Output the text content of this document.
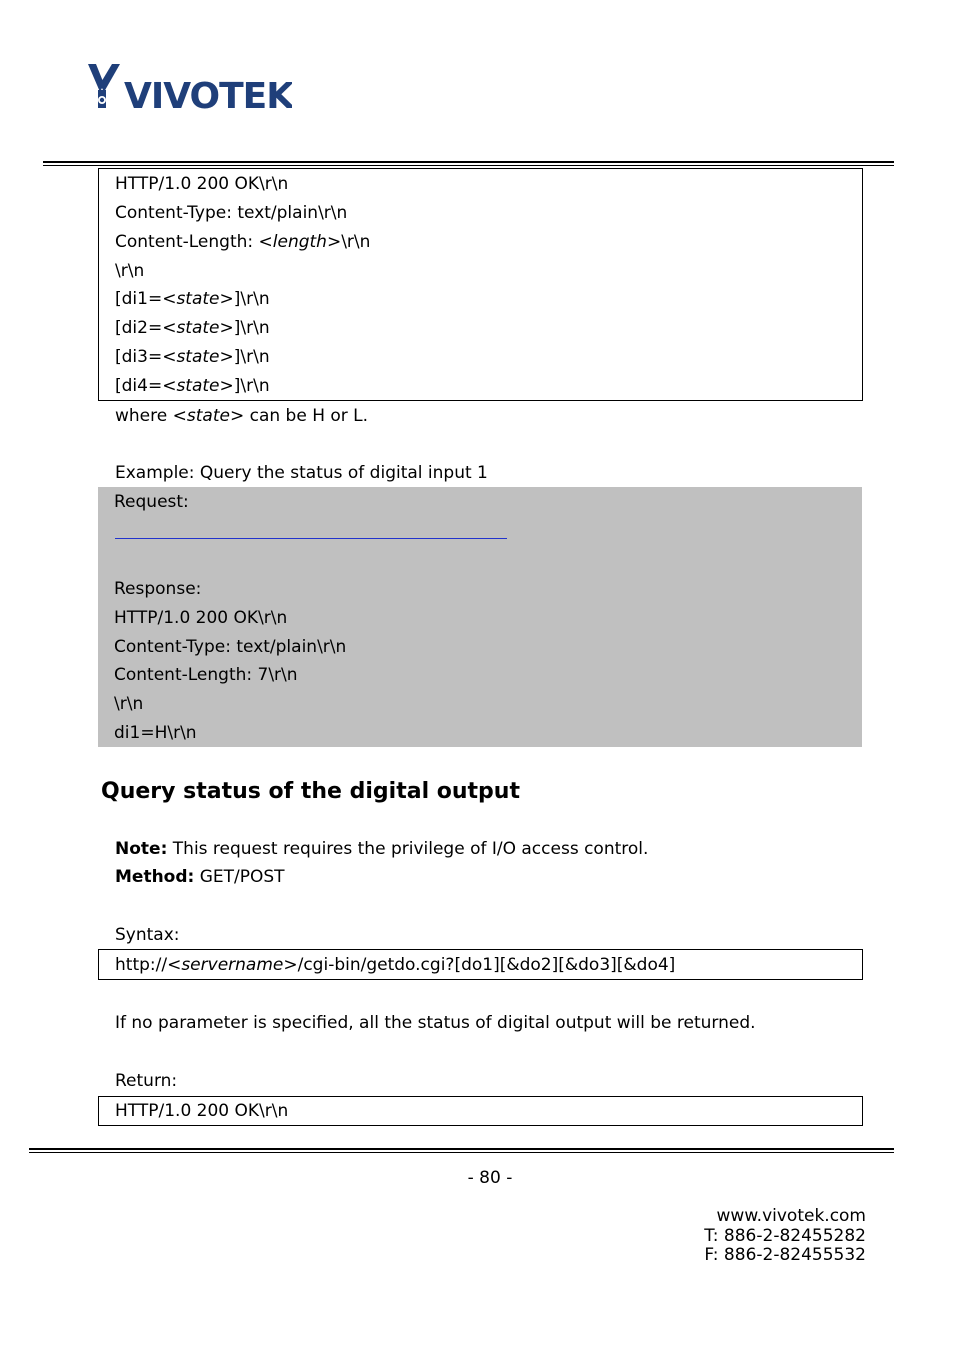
VIVOTEK
HTTP/1.0 200 OK\r\n
Content-Type: text/plain\r\n
Content-Length: <length>\r\n
\r\n
[di1=<state>]\r\n
[di2=<state>]\r\n
[di3=<state>]\r\n
[di4=<state>]\r\n
where <state> can be H or L.
Example: Query the status of digital input 1
Request:
Response:
HTTP/1.0 200 OK\r\n
Content-Type: text/plain\r\n
Content-Length: 7\r\n
\r\n
di1=H\r\n
Query status of the digital output
Note: This request requires the privilege of I/O access control.
Method: GET/POST
Syntax:
http://<servername>/cgi-bin/getdo.cgi?[do1][&do2][&do3][&do4]
If no parameter is specified, all the status of digital output will be returned.
Return:
HTTP/1.0 200 OK\r\n
- 80 -
www.vivotek.com
T: 886-2-82455282
F: 886-2-82455532
